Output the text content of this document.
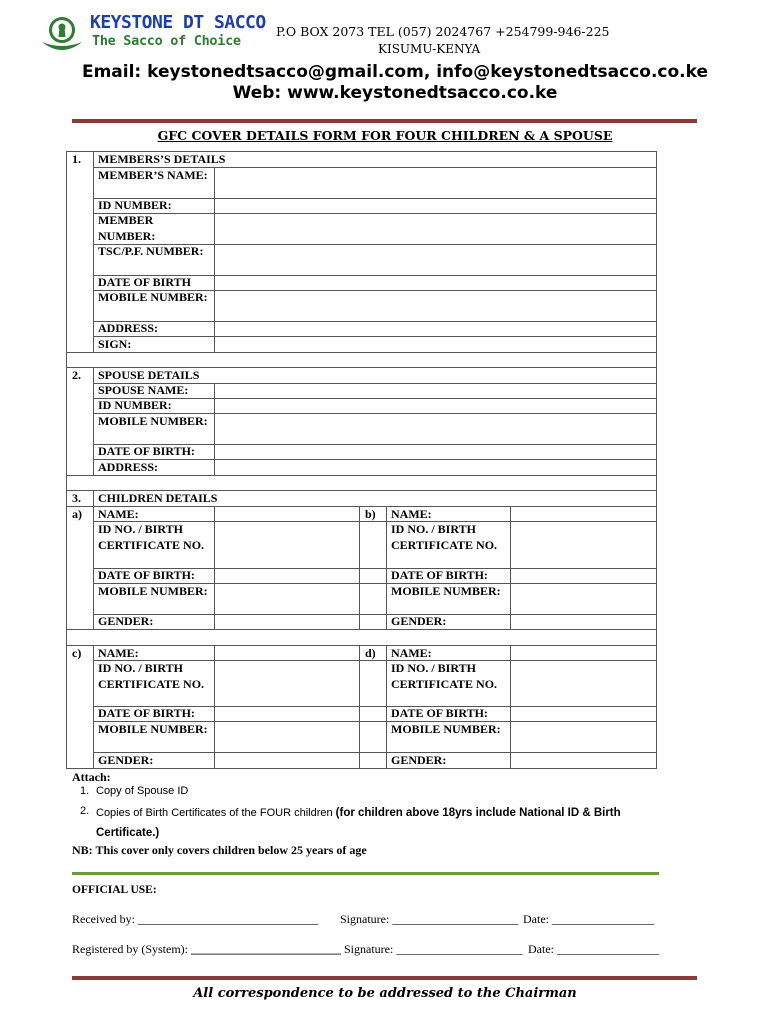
KEYSTONE DT SACCO
The Sacco of Choice
P.O BOX 2073 TEL (057) 2024767 +254799-946-225
KISUMU-KENYA
Email: keystonedtsacco@gmail.com, info@keystonedtsacco.co.ke
Web: www.keystonedtsacco.co.ke
GFC COVER DETAILS FORM FOR FOUR CHILDREN & A SPOUSE
1. MEMBERS’S DETAILS
MEMBER’S NAME:
ID NUMBER:
MEMBER NUMBER:
TSC/P.F. NUMBER:
DATE OF BIRTH
MOBILE NUMBER:
ADDRESS:
SIGN:
2. SPOUSE DETAILS
SPOUSE NAME:
ID NUMBER:
MOBILE NUMBER:
DATE OF BIRTH:
ADDRESS:
3. CHILDREN DETAILS
a) NAME:
ID NO. / BIRTH CERTIFICATE NO.
DATE OF BIRTH:
MOBILE NUMBER:
GENDER:
b) NAME:
ID NO. / BIRTH CERTIFICATE NO.
DATE OF BIRTH:
MOBILE NUMBER:
GENDER:
c) NAME:
ID NO. / BIRTH CERTIFICATE NO.
DATE OF BIRTH:
MOBILE NUMBER:
GENDER:
d) NAME:
ID NO. / BIRTH CERTIFICATE NO.
DATE OF BIRTH:
MOBILE NUMBER:
GENDER:
Attach:
1. Copy of Spouse ID
2. Copies of Birth Certificates of the FOUR children (for children above 18yrs include National ID & Birth Certificate.)
NB: This cover only covers children below 25 years of age
OFFICIAL USE:
Received by: ______________________________ Signature: _____________________ Date: _________________
Registered by (System): _________________________ Signature: _____________________ Date: _________________
All correspondence to be addressed to the Chairman
